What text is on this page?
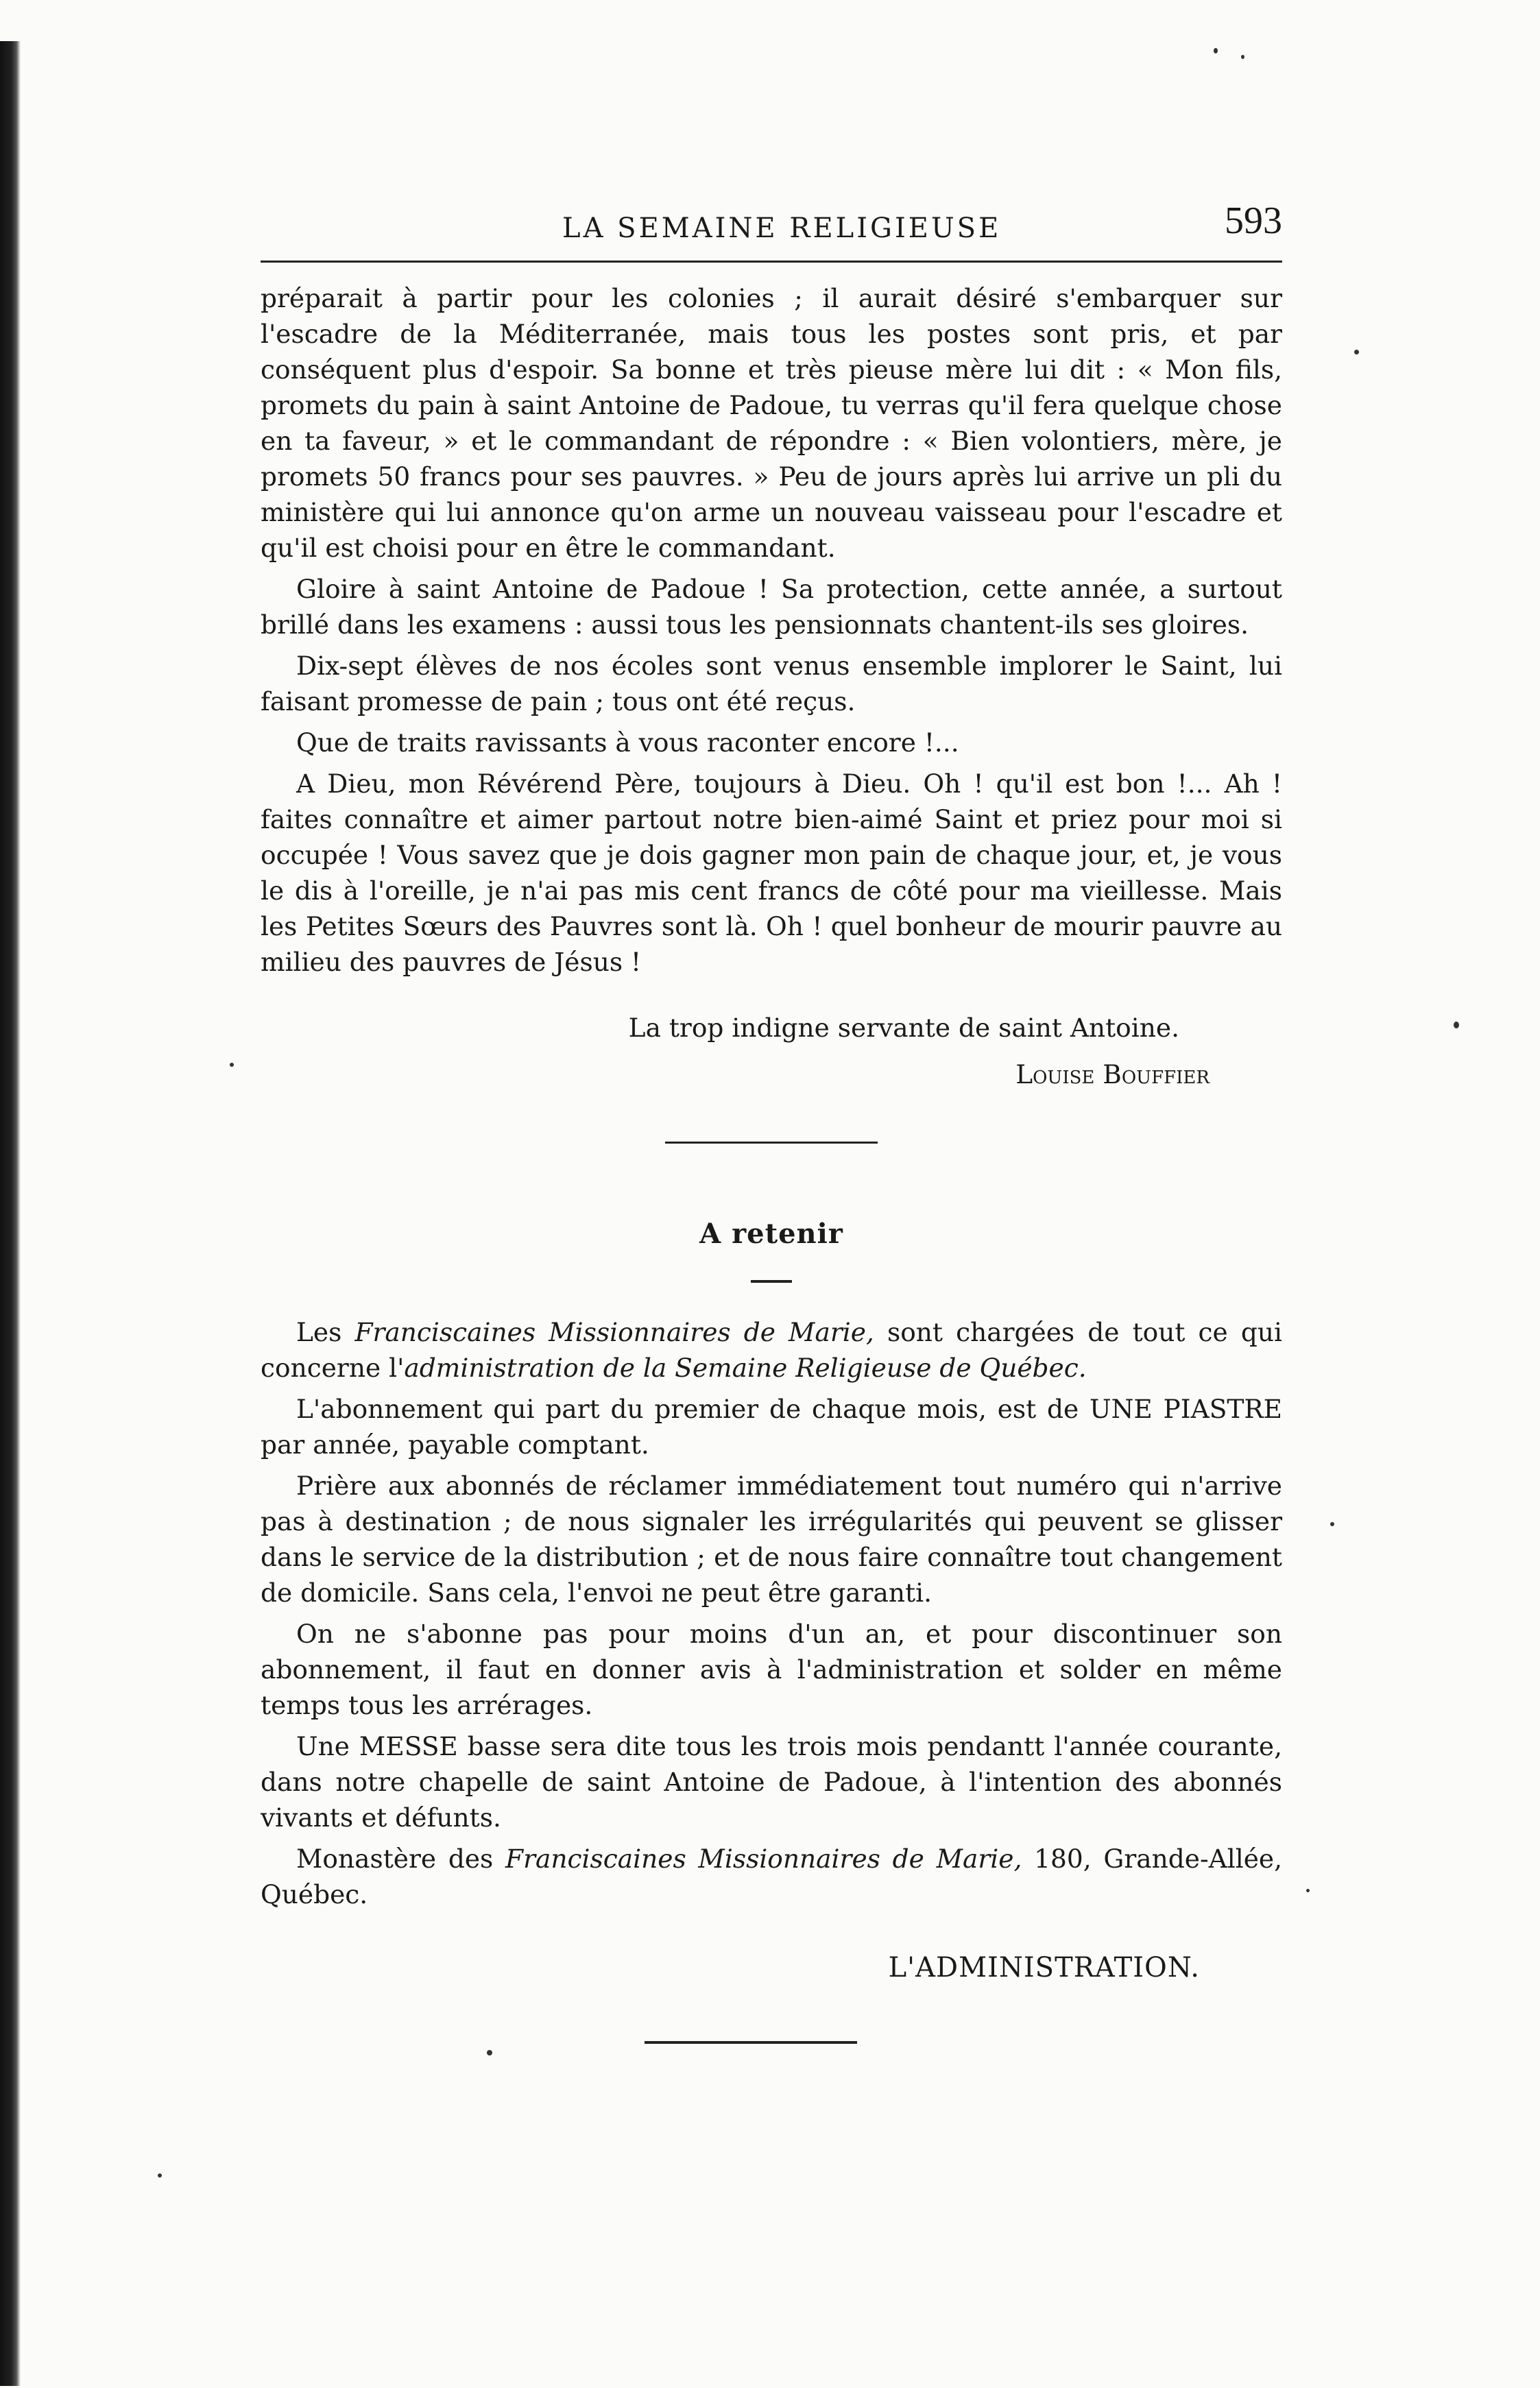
LA SEMAINE RELIGIEUSE	593

préparait à partir pour les colonies ; il aurait désiré s'embarquer sur l'escadre de la Méditerranée, mais tous les postes sont pris, et par conséquent plus d'espoir. Sa bonne et très pieuse mère lui dit : « Mon fils, promets du pain à saint Antoine de Padoue, tu verras qu'il fera quelque chose en ta faveur, » et le commandant de répondre : « Bien volontiers, mère, je promets 50 francs pour ses pauvres. » Peu de jours après lui arrive un pli du ministère qui lui annonce qu'on arme un nouveau vaisseau pour l'escadre et qu'il est choisi pour en être le commandant.

Gloire à saint Antoine de Padoue ! Sa protection, cette année, a surtout brillé dans les examens : aussi tous les pensionnats chantent-ils ses gloires.

Dix-sept élèves de nos écoles sont venus ensemble implorer le Saint, lui faisant promesse de pain ; tous ont été reçus.

Que de traits ravissants à vous raconter encore !...

A Dieu, mon Révérend Père, toujours à Dieu. Oh ! qu'il est bon !... Ah ! faites connaître et aimer partout notre bien-aimé Saint et priez pour moi si occupée ! Vous savez que je dois gagner mon pain de chaque jour, et, je vous le dis à l'oreille, je n'ai pas mis cent francs de côté pour ma vieillesse. Mais les Petites Sœurs des Pauvres sont là. Oh ! quel bonheur de mourir pauvre au milieu des pauvres de Jésus !

La trop indigne servante de saint Antoine.
Louise Bouffier
A retenir

Les Franciscaines Missionnaires de Marie, sont chargées de tout ce qui concerne l'administration de la Semaine Religieuse de Québec.

L'abonnement qui part du premier de chaque mois, est de UNE PIASTRE par année, payable comptant.

Prière aux abonnés de réclamer immédiatement tout numéro qui n'arrive pas à destination ; de nous signaler les irrégularités qui peuvent se glisser dans le service de la distribution ; et de nous faire connaître tout changement de domicile. Sans cela, l'envoi ne peut être garanti.

On ne s'abonne pas pour moins d'un an, et pour discontinuer son abonnement, il faut en donner avis à l'administration et solder en même temps tous les arrérages.

Une MESSE basse sera dite tous les trois mois pendantt l'année courante, dans notre chapelle de saint Antoine de Padoue, à l'intention des abonnés vivants et défunts.

Monastère des Franciscaines Missionnaires de Marie, 180, Grande-Allée, Québec.

L'ADMINISTRATION.
